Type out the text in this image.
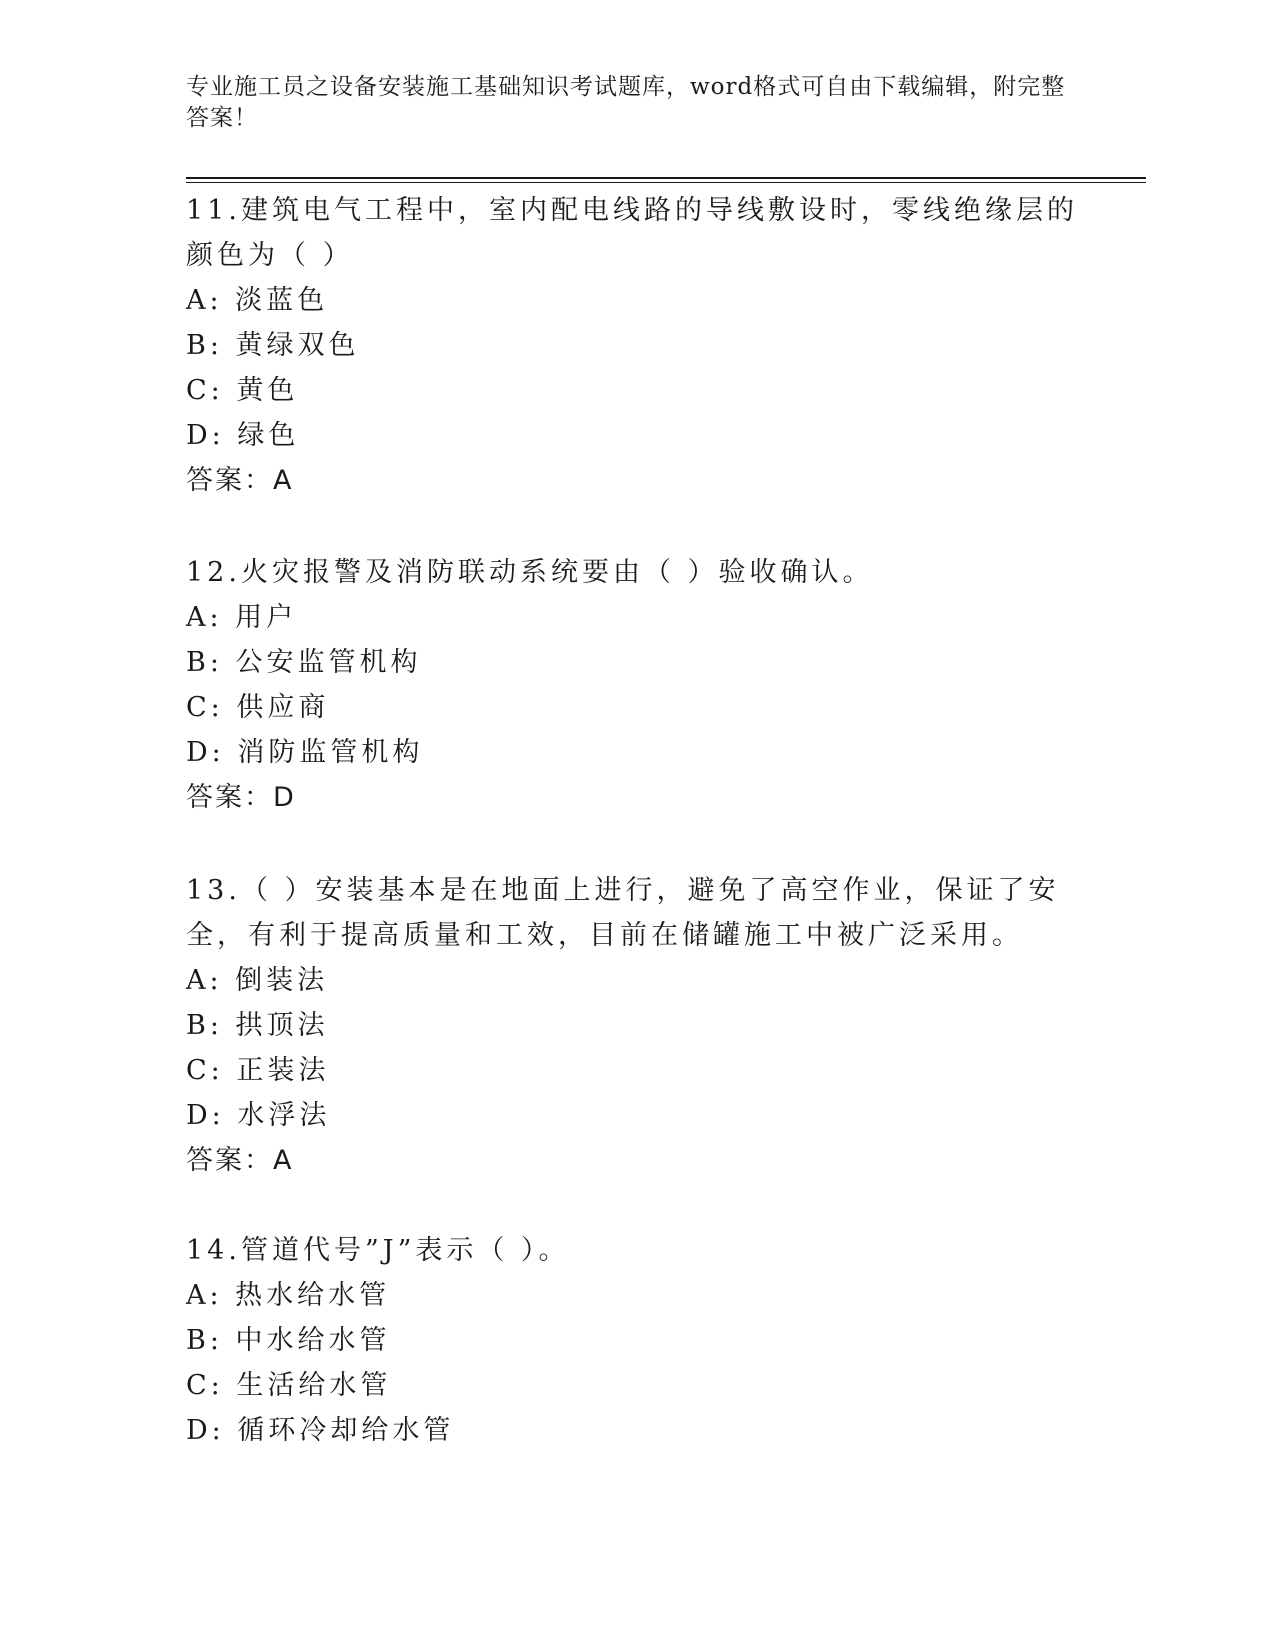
专业施工员之设备安装施工基础知识考试题库，word格式可自由下载编辑，附完整答案！
11.建筑电气工程中，室内配电线路的导线敷设时，零线绝缘层的颜色为（ ）
A: 淡蓝色
B: 黄绿双色
C: 黄色
D: 绿色
答案：A
12.火灾报警及消防联动系统要由（ ）验收确认。
A: 用户
B: 公安监管机构
C: 供应商
D: 消防监管机构
答案：D
13.（ ）安装基本是在地面上进行，避免了高空作业，保证了安全，有利于提高质量和工效，目前在储罐施工中被广泛采用。
A: 倒装法
B: 拱顶法
C: 正装法
D: 水浮法
答案：A
14.管道代号”J”表示（ ）。
A: 热水给水管
B: 中水给水管
C: 生活给水管
D: 循环冷却给水管
